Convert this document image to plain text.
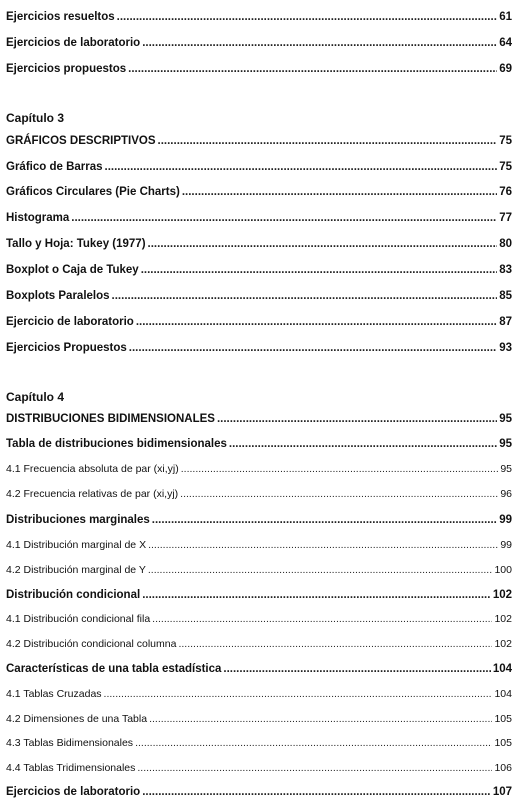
Ejercicios resueltos .....	61
Ejercicios de laboratorio .....	64
Ejercicios propuestos .....	69
Capítulo 3
GRÁFICOS DESCRIPTIVOS .....	75
Gráfico de Barras .....	75
Gráficos Circulares (Pie Charts) .....	76
Histograma .....	77
Tallo y Hoja: Tukey (1977) .....	80
Boxplot o Caja de Tukey .....	83
Boxplots Paralelos .....	85
Ejercicio de laboratorio .....	87
Ejercicios Propuestos .....	93
Capítulo 4
DISTRIBUCIONES BIDIMENSIONALES .....	95
Tabla de distribuciones bidimensionales .....	95
4.1 Frecuencia absoluta de par (xi,yj) .....	95
4.2 Frecuencia relativas de par (xi,yj) .....	96
Distribuciones marginales .....	99
4.1 Distribución marginal de X .....	99
4.2 Distribución marginal de Y .....	100
Distribución condicional .....	102
4.1 Distribución condicional fila .....	102
4.2 Distribución condicional columna .....	102
Características de una tabla estadística .....	104
4.1 Tablas Cruzadas .....	104
4.2 Dimensiones de una Tabla .....	105
4.3 Tablas Bidimensionales .....	105
4.4 Tablas Tridimensionales .....	106
Ejercicios de laboratorio .....	107
